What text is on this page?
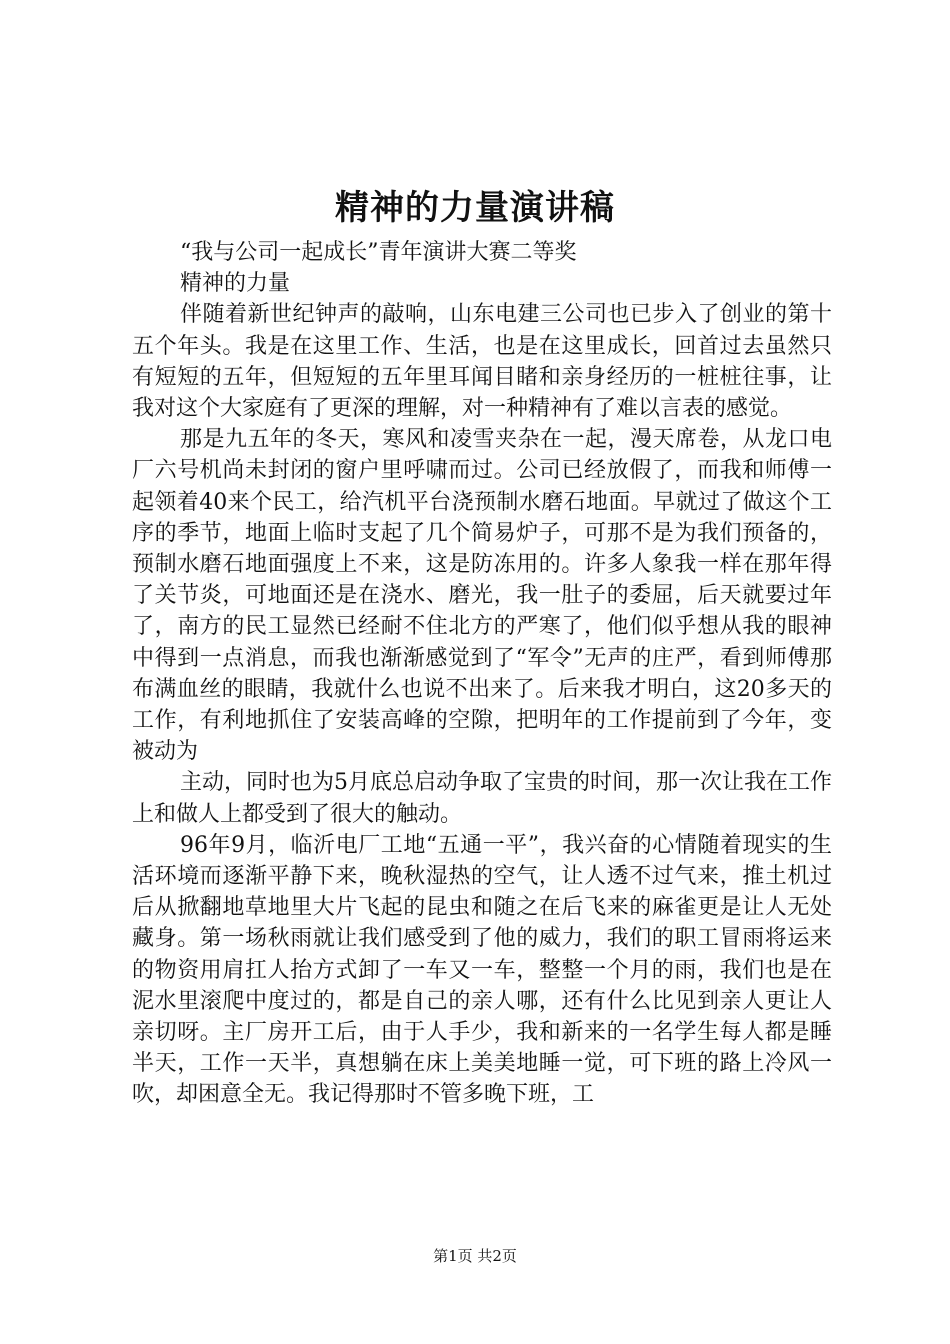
精神的力量演讲稿

“我与公司一起成长”青年演讲大赛二等奖

精神的力量

伴随着新世纪钟声的敲响，山东电建三公司也已步入了创业的第十五个年头。我是在这里工作、生活，也是在这里成长，回首过去虽然只有短短的五年，但短短的五年里耳闻目睹和亲身经历的一桩桩往事，让我对这个大家庭有了更深的理解，对一种精神有了难以言表的感觉。

那是九五年的冬天，寒风和凌雪夹杂在一起，漫天席卷，从龙口电厂六号机尚未封闭的窗户里呼啸而过。公司已经放假了，而我和师傅一起领着40来个民工，给汽机平台浇预制水磨石地面。早就过了做这个工序的季节，地面上临时支起了几个简易炉子，可那不是为我们预备的，预制水磨石地面强度上不来，这是防冻用的。许多人象我一样在那年得了关节炎，可地面还是在浇水、磨光，我一肚子的委屈，后天就要过年了，南方的民工显然已经耐不住北方的严寒了，他们似乎想从我的眼神中得到一点消息，而我也渐渐感觉到了“军令”无声的庄严，看到师傅那布满血丝的眼睛，我就什么也说不出来了。后来我才明白，这20多天的工作，有利地抓住了安装高峰的空隙，把明年的工作提前到了今年，变被动为

主动，同时也为5月底总启动争取了宝贵的时间，那一次让我在工作上和做人上都受到了很大的触动。

96年9月，临沂电厂工地“五通一平”，我兴奋的心情随着现实的生活环境而逐渐平静下来，晚秋湿热的空气，让人透不过气来，推土机过后从掀翻地草地里大片飞起的昆虫和随之在后飞来的麻雀更是让人无处藏身。第一场秋雨就让我们感受到了他的威力，我们的职工冒雨将运来的物资用肩扛人抬方式卸了一车又一车，整整一个月的雨，我们也是在泥水里滚爬中度过的，都是自己的亲人哪，还有什么比见到亲人更让人亲切呀。主厂房开工后，由于人手少，我和新来的一名学生每人都是睡半天，工作一天半，真想躺在床上美美地睡一觉，可下班的路上冷风一吹，却困意全无。我记得那时不管多晚下班，工

第1页 共2页
